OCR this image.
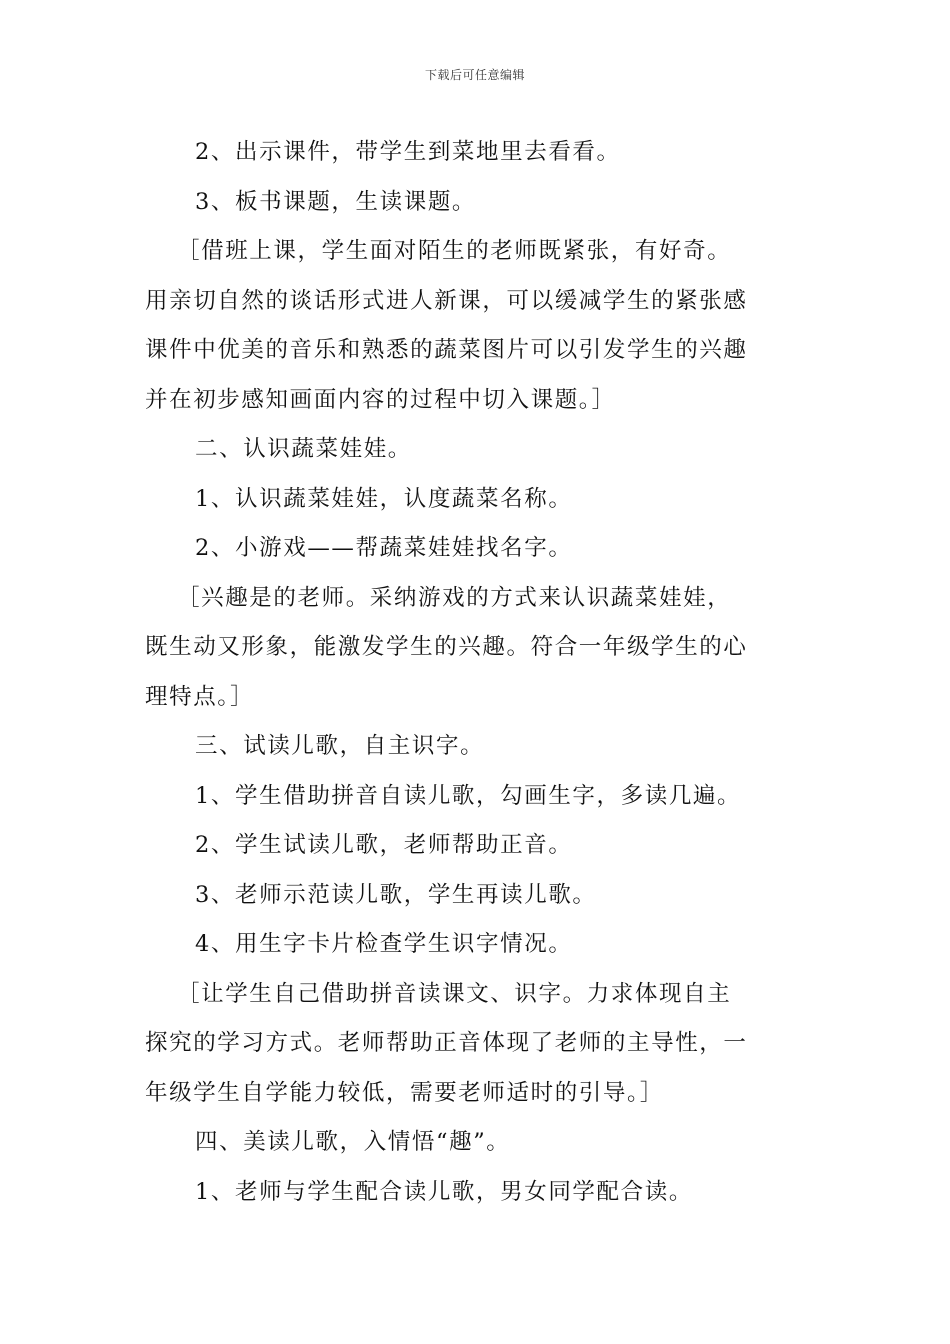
下载后可任意编辑

2、出示课件，带学生到菜地里去看看。

3、板书课题，生读课题。

［借班上课，学生面对陌生的老师既紧张，有好奇。
用亲切自然的谈话形式进人新课，可以缓减学生的紧张感
课件中优美的音乐和熟悉的蔬菜图片可以引发学生的兴趣
并在初步感知画面内容的过程中切入课题。］

二、认识蔬菜娃娃。

1、认识蔬菜娃娃，认度蔬菜名称。

2、小游戏——帮蔬菜娃娃找名字。

［兴趣是的老师。采纳游戏的方式来认识蔬菜娃娃，
既生动又形象，能激发学生的兴趣。符合一年级学生的心
理特点。］

三、试读儿歌，自主识字。

1、学生借助拼音自读儿歌，勾画生字，多读几遍。

2、学生试读儿歌，老师帮助正音。

3、老师示范读儿歌，学生再读儿歌。

4、用生字卡片检查学生识字情况。

［让学生自己借助拼音读课文、识字。力求体现自主
探究的学习方式。老师帮助正音体现了老师的主导性，一
年级学生自学能力较低，需要老师适时的引导。］

四、美读儿歌，入情悟“趣”。

1、老师与学生配合读儿歌，男女同学配合读。
